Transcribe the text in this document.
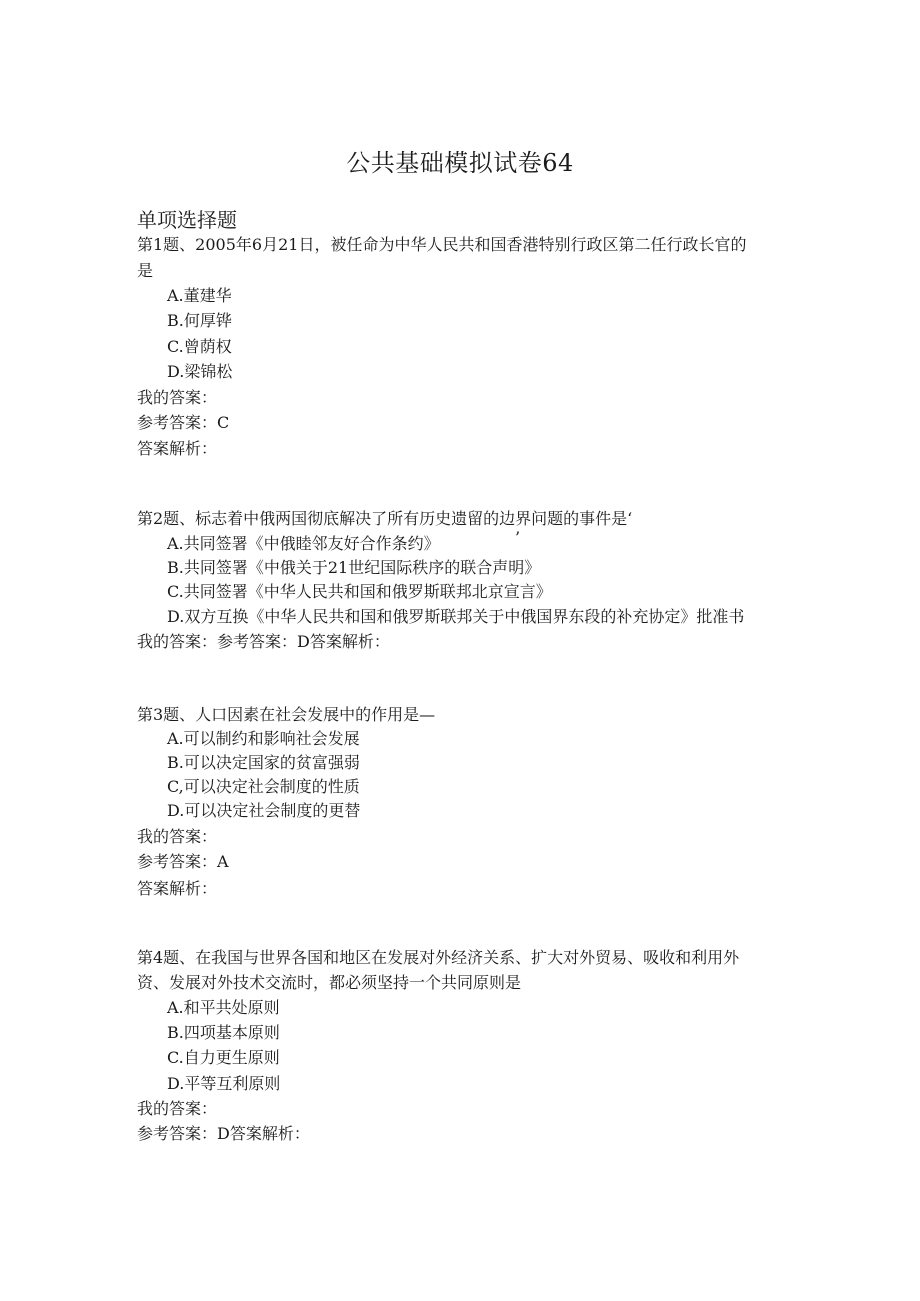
公共基础模拟试卷64
单项选择题
第1题、2005年6月21日，被任命为中华人民共和国香港特别行政区第二任行政长官的
是
A.董建华
B.何厚铧
C.曾荫权
D.梁锦松
我的答案：
参考答案：C
答案解析：
第2题、标志着中俄两国彻底解决了所有历史遗留的边界问题的事件是‘
A.共同签署《中俄睦邻友好合作条约》	’
B.共同签署《中俄关于21世纪国际秩序的联合声明》
C.共同签署《中华人民共和国和俄罗斯联邦北京宣言》
D.双方互换《中华人民共和国和俄罗斯联邦关于中俄国界东段的补充协定》批准书
我的答案：参考答案：D答案解析：
第3题、人口因素在社会发展中的作用是—
A.可以制约和影响社会发展
B.可以决定国家的贫富强弱
C,可以决定社会制度的性质
D.可以决定社会制度的更替
我的答案：
参考答案：A
答案解析：
第4题、在我国与世界各国和地区在发展对外经济关系、扩大对外贸易、吸收和利用外
资、发展对外技术交流时，都必须坚持一个共同原则是
A.和平共处原则
B.四项基本原则
C.自力更生原则
D.平等互利原则
我的答案：
参考答案：D答案解析：
